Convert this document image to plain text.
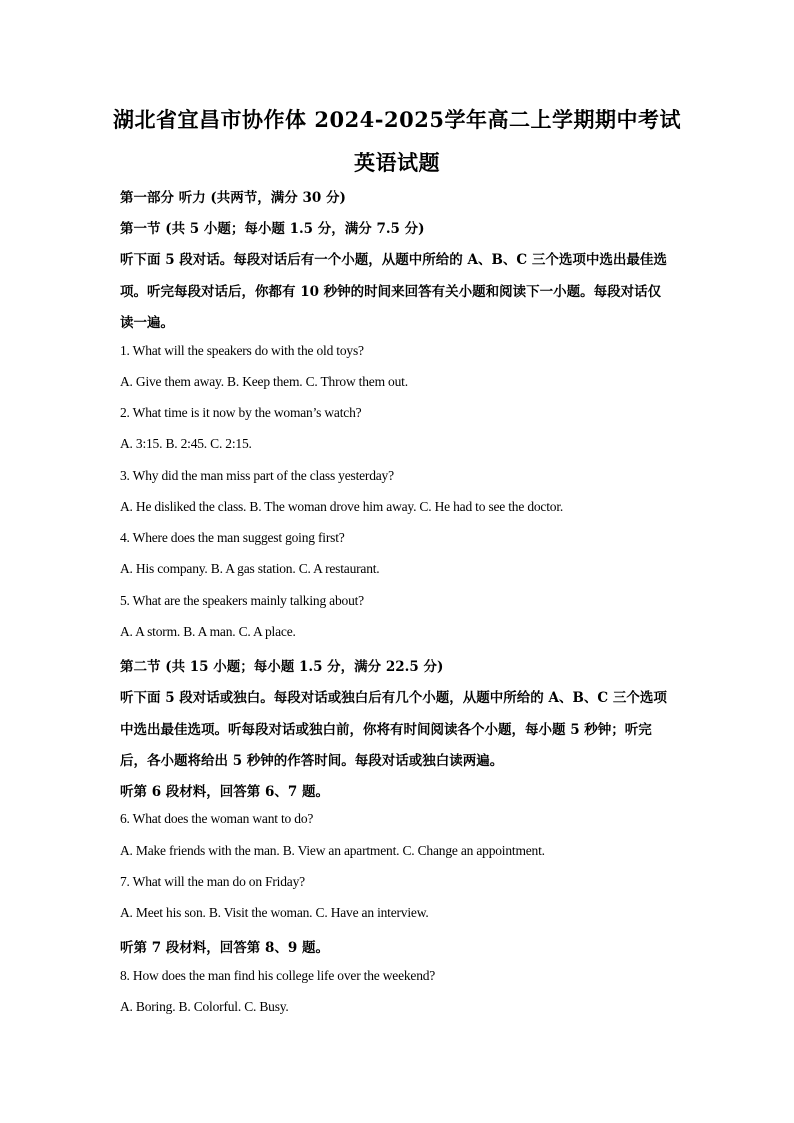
湖北省宜昌市协作体 2024-2025学年高二上学期期中考试
英语试题

第一部分 听力 (共两节，满分 30 分)

第一节 (共 5 小题；每小题 1.5 分，满分 7.5 分)

听下面 5 段对话。每段对话后有一个小题，从题中所给的 A、B、C 三个选项中选出最佳选

项。听完每段对话后，你都有 10 秒钟的时间来回答有关小题和阅读下一小题。每段对话仅

读一遍。

1. What will the speakers do with the old toys?

A. Give them away. B. Keep them. C. Throw them out.

2. What time is it now by the woman’s watch?

A. 3:15. B. 2:45. C. 2:15.

3. Why did the man miss part of the class yesterday?

A. He disliked the class. B. The woman drove him away. C. He had to see the doctor.

4. Where does the man suggest going first?

A. His company. B. A gas station. C. A restaurant.

5. What are the speakers mainly talking about?

A. A storm. B. A man. C. A place.

第二节 (共 15 小题；每小题 1.5 分，满分 22.5 分)

听下面 5 段对话或独白。每段对话或独白后有几个小题，从题中所给的 A、B、C 三个选项

中选出最佳选项。听每段对话或独白前，你将有时间阅读各个小题，每小题 5 秒钟；听完

后，各小题将给出 5 秒钟的作答时间。每段对话或独白读两遍。

听第 6 段材料，回答第 6、7 题。

6. What does the woman want to do?

A. Make friends with the man. B. View an apartment. C. Change an appointment.

7. What will the man do on Friday?

A. Meet his son. B. Visit the woman. C. Have an interview.

听第 7 段材料，回答第 8、9 题。

8. How does the man find his college life over the weekend?

A. Boring. B. Colorful. C. Busy.
